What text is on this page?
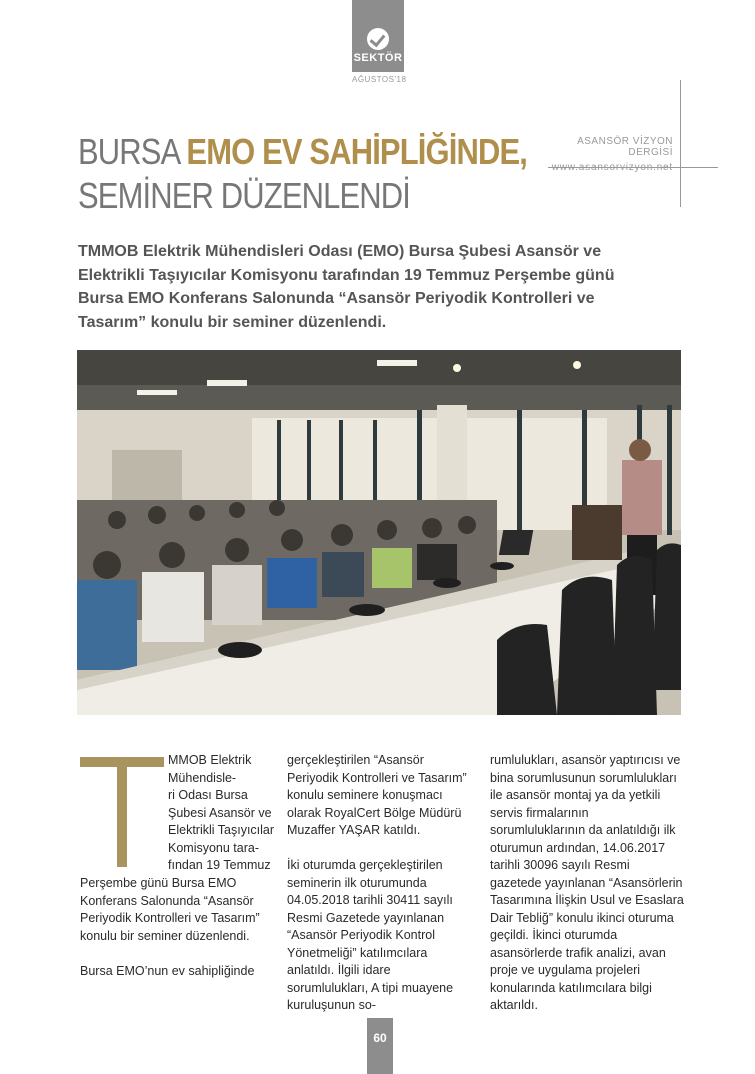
SEKTÖR
AĞUSTOS'18
ASANSÖR VİZYON DERGİSİ
www.asansorvizyon.net
BURSA EMO EV SAHİPLİĞİNDE,
SEMİNER DÜZENLENDİ
TMMOB Elektrik Mühendisleri Odası (EMO) Bursa Şubesi Asansör ve Elektrikli Taşıyıcılar Komisyonu tarafından 19 Temmuz Perşembe günü Bursa EMO Konferans Salonunda “Asansör Periyodik Kontrolleri ve Tasarım” konulu bir seminer düzenlendi.
MMOB Elektrik
Mühendisle-
ri Odası Bursa
Şubesi Asansör ve
Elektrikli Taşıyıcılar
Komisyonu tara-
fından 19 Temmuz

Perşembe günü Bursa EMO Konferans Salonunda “Asansör Periyodik Kontrolleri ve Tasarım” konulu bir seminer düzenlendi.

Bursa EMO’nun ev sahipliğinde

gerçekleştirilen “Asansör Periyodik Kontrolleri ve Tasarım” konulu seminere konuşmacı olarak RoyalCert Bölge Müdürü Muzaffer YAŞAR katıldı.

İki oturumda gerçekleştirilen seminerin ilk oturumunda 04.05.2018 tarihli 30411 sayılı Resmi Gazetede yayınlanan “Asansör Periyodik Kontrol Yönetmeliği” katılımcılara anlatıldı. İlgili idare sorumlulukları, A tipi muayene kuruluşunun so-

rumlulukları, asansör yaptırıcısı ve bina sorumlusunun sorumlulukları ile asansör montaj ya da yetkili servis firmalarının sorumluluklarının da anlatıldığı ilk oturumun ardından, 14.06.2017 tarihli 30096 sayılı Resmi gazetede yayınlanan “Asansörlerin Tasarımına İlişkin Usul ve Esaslara Dair Tebliğ” konulu ikinci oturuma geçildi. İkinci oturumda asansörlerde trafik analizi, avan proje ve uygulama projeleri konularında katılımcılara bilgi aktarıldı.

60
